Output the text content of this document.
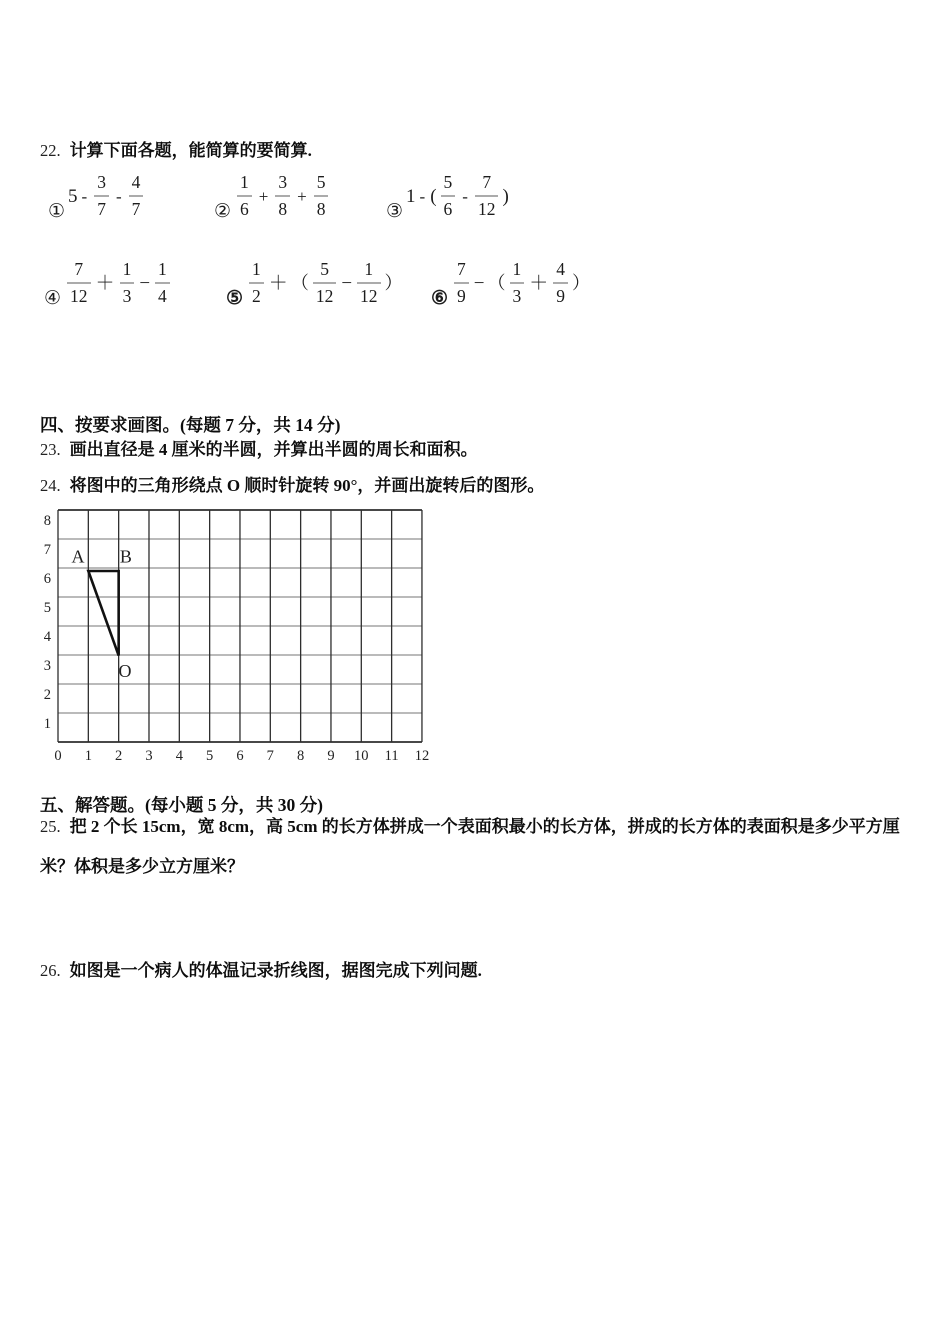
22. 计算下面各题，能简算的要简算.
①
$5 - \frac{3}{7} - \frac{4}{7}$	② $\frac{1}{6} + \frac{3}{8} + \frac{5}{8}$	③
1 - ( $\frac{5}{6} - \frac{7}{12}$ )
④ $\frac{7}{12} + \frac{1}{3} - \frac{1}{4}$	⑤ $\frac{1}{2}$ ＋ （ $\frac{5}{12} - \frac{1}{12}$ ）
⑥ $\frac{7}{9}$ − （ $\frac{1}{3} + \frac{4}{9}$ ）
四、按要求画图。(每题 7 分，共 14 分)
23. 画出直径是 4 厘米的半圆，并算出半圆的周长和面积。
24. 将图中的三角形绕点 O 顺时针旋转 90°，并画出旋转后的图形。
8
7
6
5
4
3
2
1
0 1 2 3 4 5 6 7 8 9 10 11 12
A B
O
五、解答题。(每小题 5 分，共 30 分)
25. 把 2 个长 15cm，宽 8cm，高 5cm 的长方体拼成一个表面积最小的长方体，拼成的长方体的表面积是多少平方厘
米？体积是多少立方厘米？
26. 如图是一个病人的体温记录折线图，据图完成下列问题.
